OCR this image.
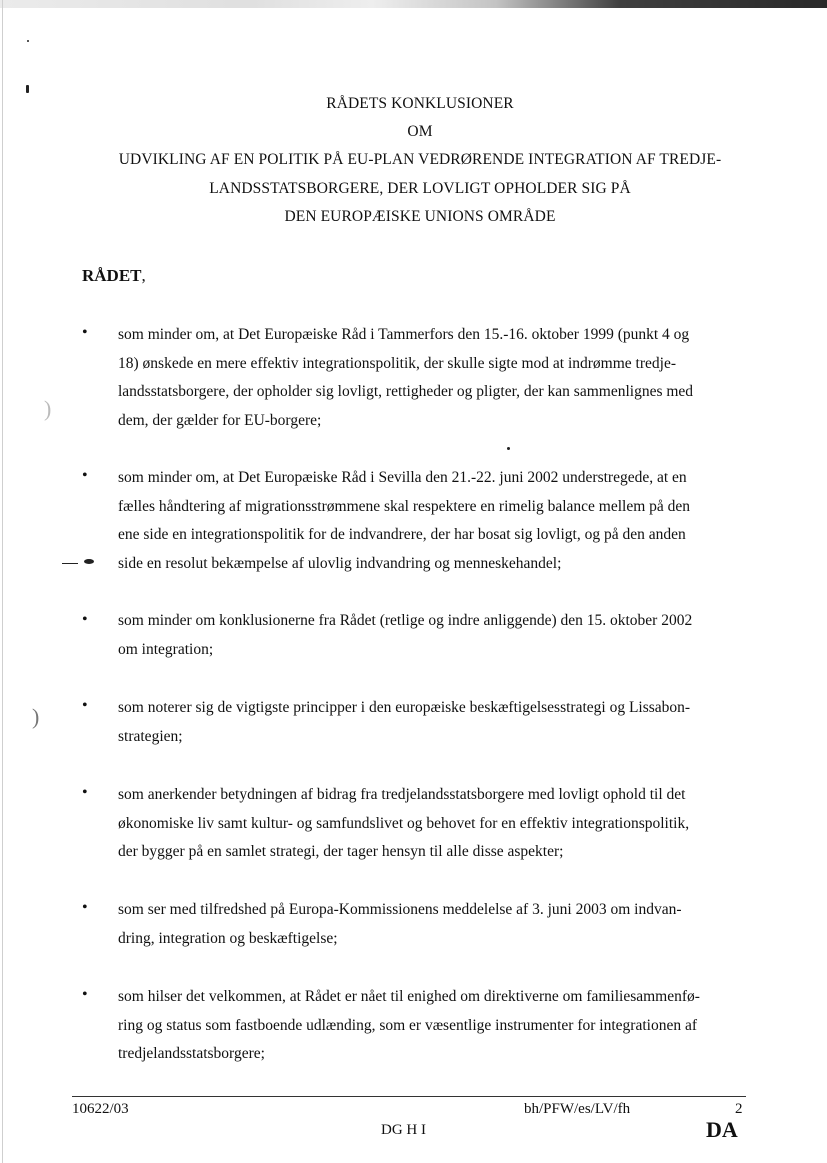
)
)
RÅDETS KONKLUSIONER
OM
UDVIKLING AF EN POLITIK PÅ EU-PLAN VEDRØRENDE INTEGRATION AF TREDJE-
LANDSSTATSBORGERE, DER LOVLIGT OPHOLDER SIG PÅ
DEN EUROPÆISKE UNIONS OMRÅDE
RÅDET,
• som minder om, at Det Europæiske Råd i Tammerfors den 15.-16. oktober 1999 (punkt 4 og
18) ønskede en mere effektiv integrationspolitik, der skulle sigte mod at indrømme tredje-
landsstatsborgere, der opholder sig lovligt, rettigheder og pligter, der kan sammenlignes med
dem, der gælder for EU-borgere;
• som minder om, at Det Europæiske Råd i Sevilla den 21.-22. juni 2002 understregede, at en
fælles håndtering af migrationsstrømmene skal respektere en rimelig balance mellem på den
ene side en integrationspolitik for de indvandrere, der har bosat sig lovligt, og på den anden
side en resolut bekæmpelse af ulovlig indvandring og menneskehandel;
• som minder om konklusionerne fra Rådet (retlige og indre anliggende) den 15. oktober 2002
om integration;
• som noterer sig de vigtigste principper i den europæiske beskæftigelsesstrategi og Lissabon-
strategien;
• som anerkender betydningen af bidrag fra tredjelandsstatsborgere med lovligt ophold til det
økonomiske liv samt kultur- og samfundslivet og behovet for en effektiv integrationspolitik,
der bygger på en samlet strategi, der tager hensyn til alle disse aspekter;
• som ser med tilfredshed på Europa-Kommissionens meddelelse af 3. juni 2003 om indvan-
dring, integration og beskæftigelse;
• som hilser det velkommen, at Rådet er nået til enighed om direktiverne om familiesammenfø-
ring og status som fastboende udlænding, som er væsentlige instrumenter for integrationen af
tredjelandsstatsborgere;
10622/03	bh/PFW/es/LV/fh	2
DG H I	DA
